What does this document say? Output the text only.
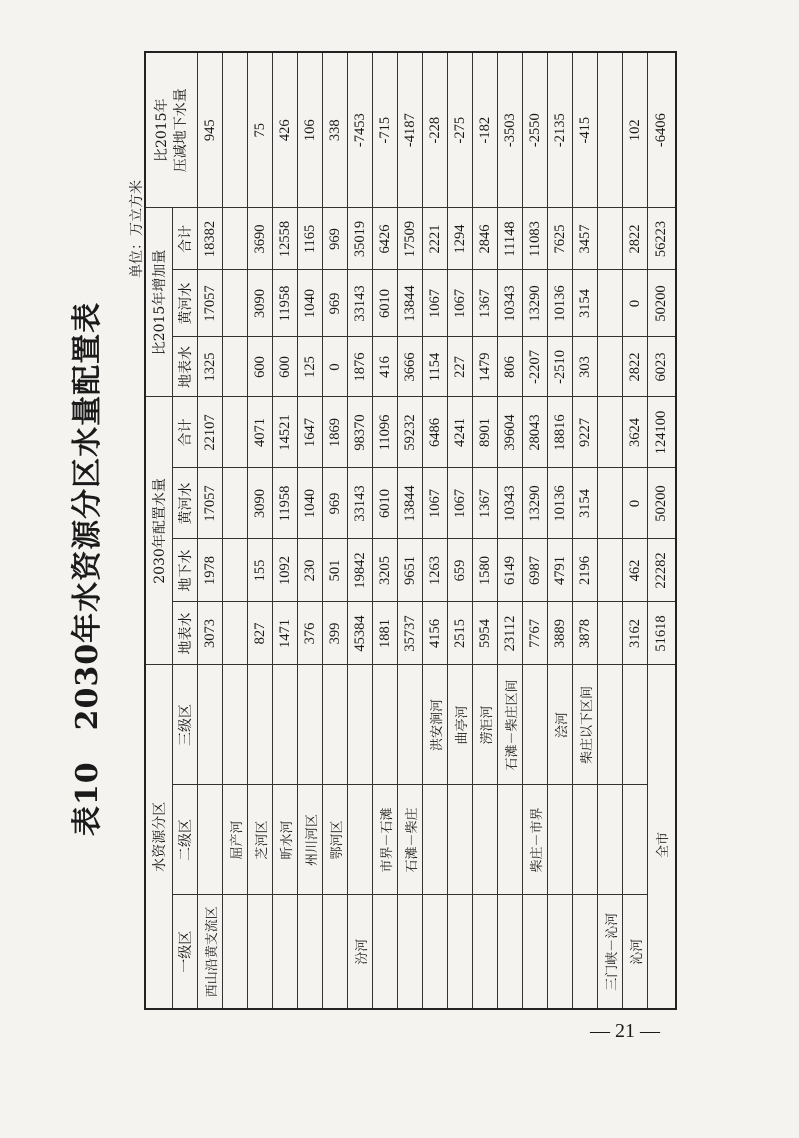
表10　2030年水资源分区水量配置表
单位：万立方米
水资源分区			2030年配置水量				比2015年增加量			比2015年 压减地下水量
一级区	二级区	三级区	地表水	地下水	黄河水	合计	地表水	黄河水	合计	
西山沿黄支流区			3073	1978	17057	22107	1325	17057	18382	945
	屈产河									
	芝河区		827	155	3090	4071	600	3090	3690	75
	昕水河		1471	1092	11958	14521	600	11958	12558	426
	州川河区		376	230	1040	1647	125	1040	1165	106
	鄂河区		399	501	969	1869	0	969	969	338
汾河			45384	19842	33143	98370	1876	33143	35019	-7453
	市界－石滩		1881	3205	6010	11096	416	6010	6426	-715
	石滩－柴庄		35737	9651	13844	59232	3666	13844	17509	-4187
		洪安涧河	4156	1263	1067	6486	1154	1067	2221	-228
		曲亭河	2515	659	1067	4241	227	1067	1294	-275
		涝洰河	5954	1580	1367	8901	1479	1367	2846	-182
		石滩－柴庄区间	23112	6149	10343	39604	806	10343	11148	-3503
	柴庄－市界		7767	6987	13290	28043	-2207	13290	11083	-2550
		浍河	3889	4791	10136	18816	-2510	10136	7625	-2135
		柴庄以下区间	3878	2196	3154	9227	303	3154	3457	-415
三门峡－沁河										
沁河			3162	462	0	3624	2822	0	2822	102
全市			51618	22282	50200	124100	6023	50200	56223	-6406
— 21 —
